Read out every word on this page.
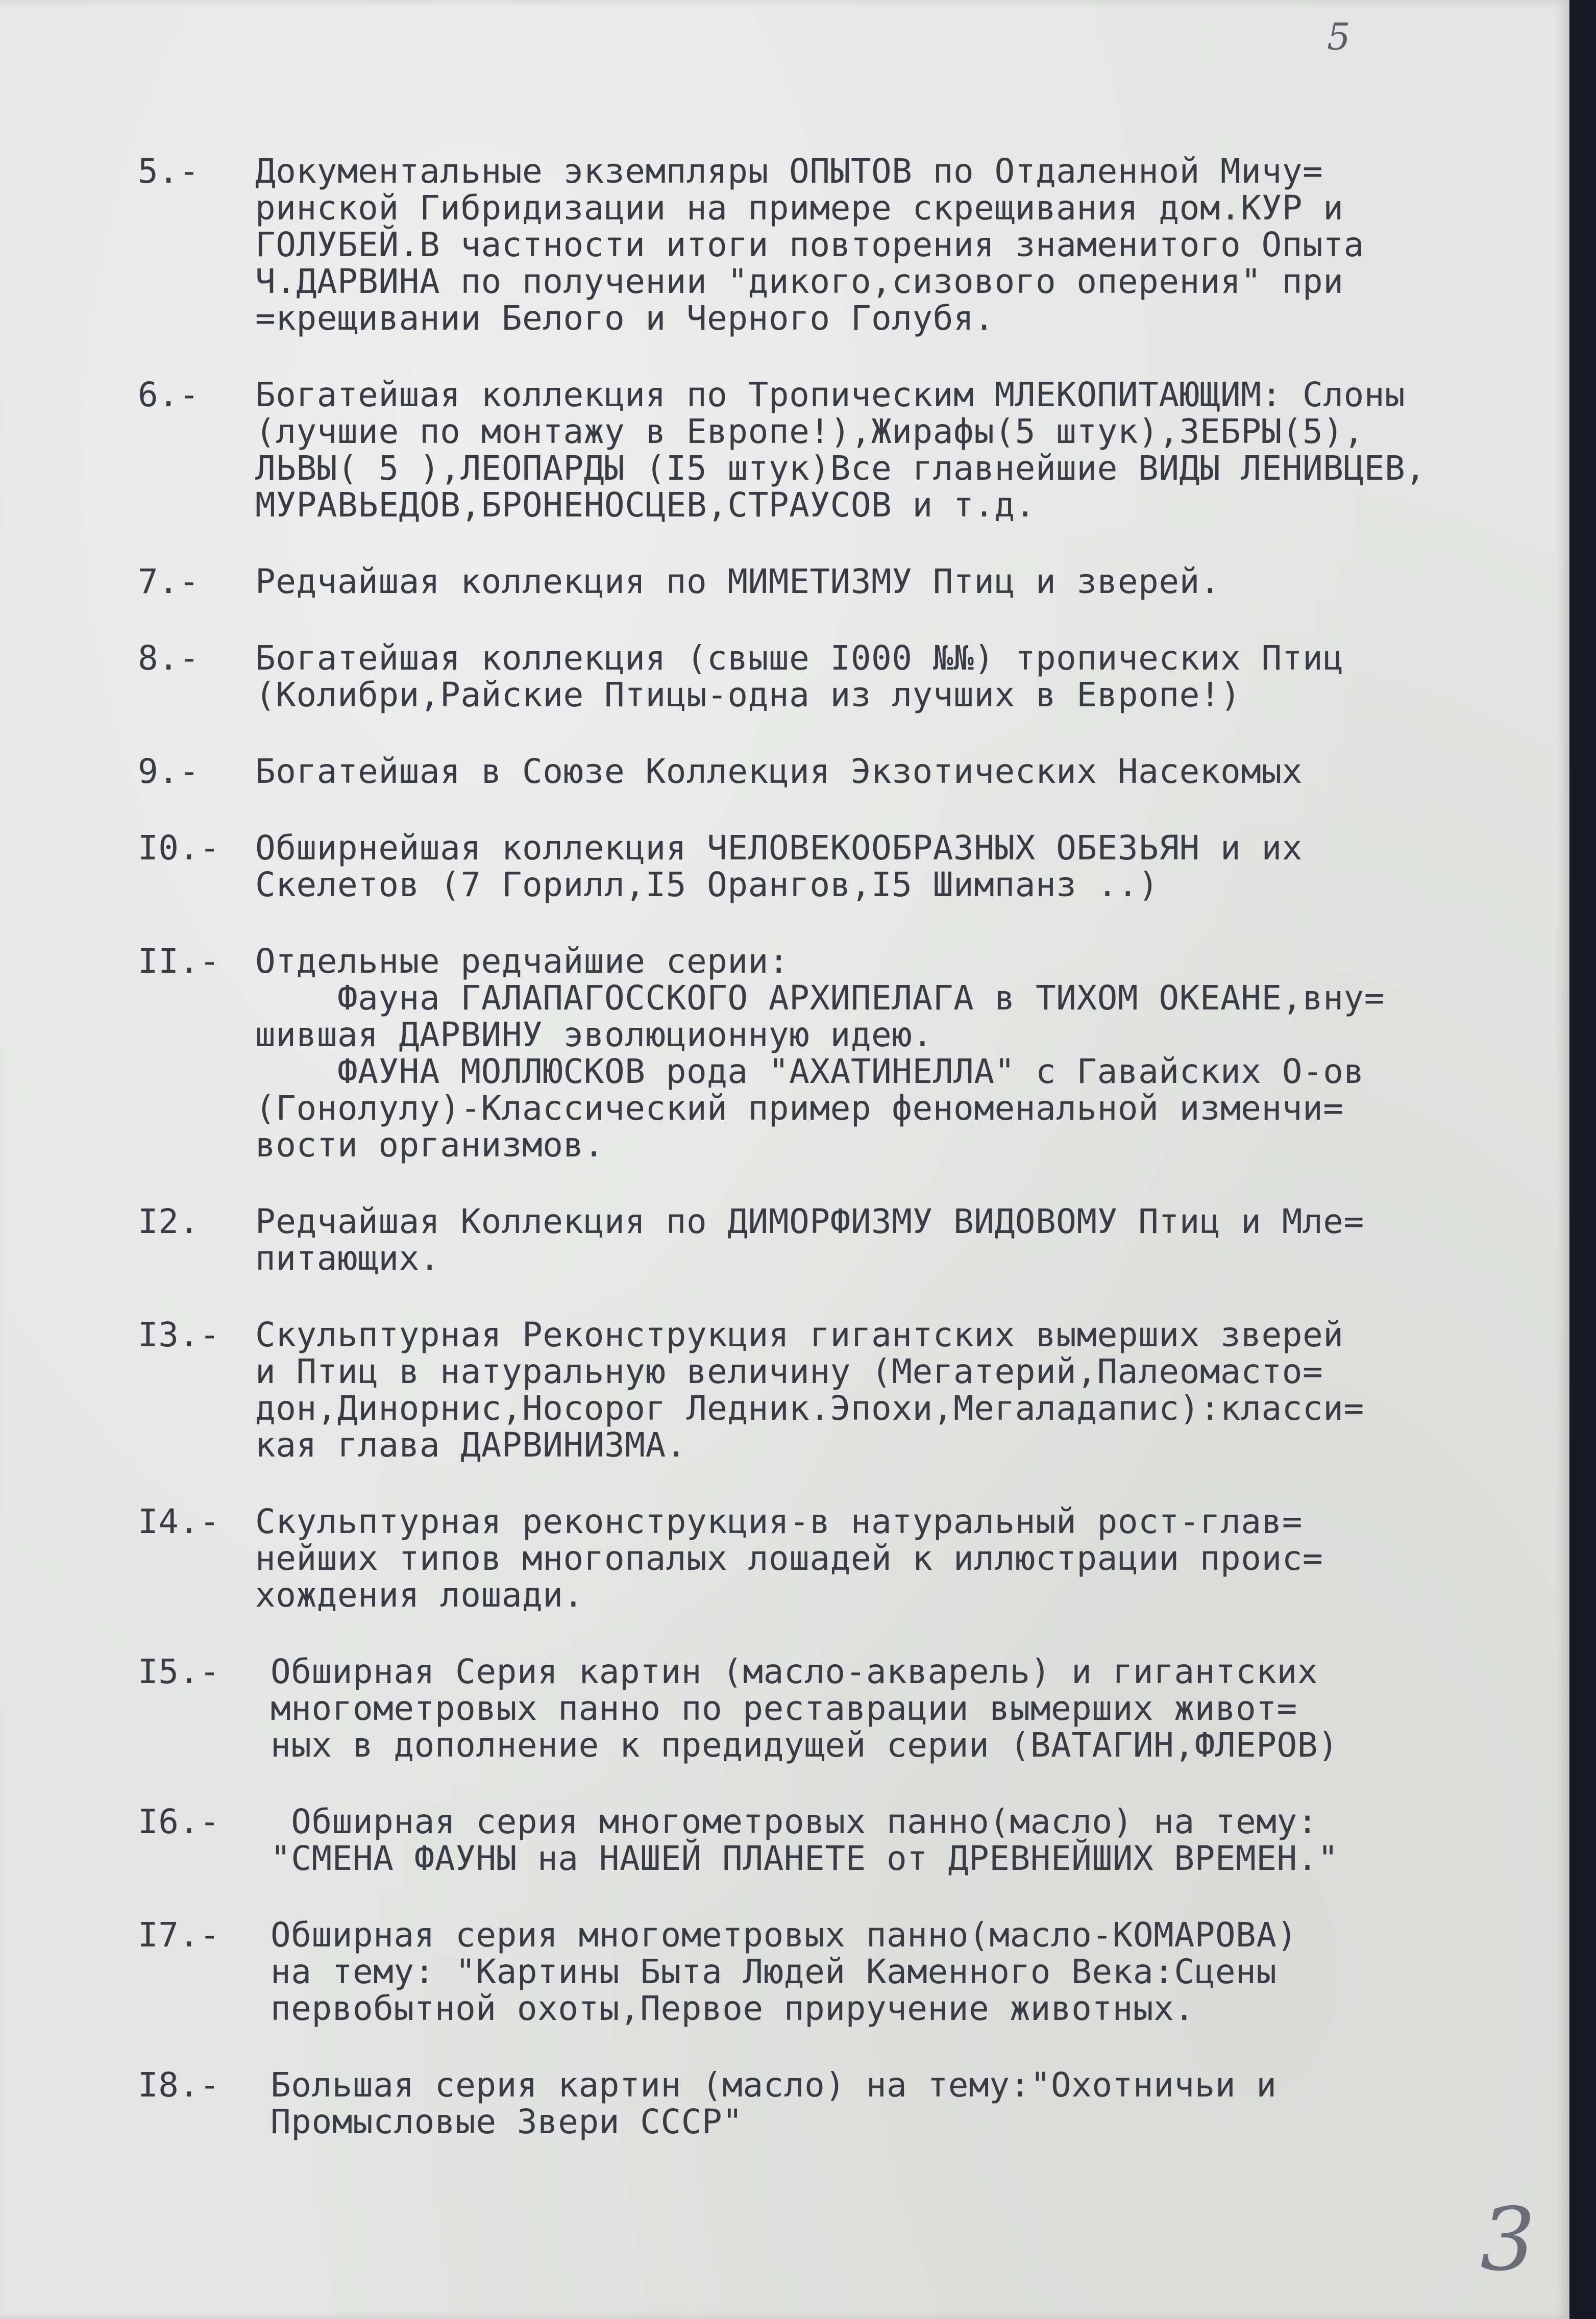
5
5.-	Документальные экземпляры ОПЫТОВ по Отдаленной Мичу=
ринской Гибридизации на примере скрещивания дом.КУР и
ГОЛУБЕЙ.В частности итоги повторения знаменитого Опыта
Ч.ДАРВИНА по получении "дикого,сизового оперения" при
=крещивании Белого и Черного Голубя.
6.-	Богатейшая коллекция по Тропическим МЛЕКОПИТАЮЩИМ: Слоны
(лучшие по монтажу в Европе!),Жирафы(5 штук),ЗЕБРЫ(5),
ЛЬВЫ( 5 ),ЛЕОПАРДЫ (I5 штук)Все главнейшие ВИДЫ ЛЕНИВЦЕВ,
МУРАВЬЕДОВ,БРОНЕНОСЦЕВ,СТРАУСОВ и т.д.
7.-	Редчайшая коллекция по МИМЕТИЗМУ Птиц и зверей.
8.-	Богатейшая коллекция (свыше I000 №№) тропических Птиц
(Колибри,Райские Птицы-одна из лучших в Европе!)
9.-	Богатейшая в Союзе Коллекция Экзотических Насекомых
I0.-	Обширнейшая коллекция ЧЕЛОВЕКООБРАЗНЫХ ОБЕЗЬЯН и их
Скелетов (7 Горилл,I5 Орангов,I5 Шимпанз ..)
II.-	Отдельные редчайшие серии:
Фауна ГАЛАПАГОССКОГО АРХИПЕЛАГА в ТИХОМ ОКЕАНЕ,вну=
шившая ДАРВИНУ эволюционную идею.
ФАУНА МОЛЛЮСКОВ рода "АХАТИНЕЛЛА" с Гавайских О-ов
(Гонолулу)-Классический пример феноменальной изменчи=
вости организмов.
I2.	Редчайшая Коллекция по ДИМОРФИЗМУ ВИДОВОМУ Птиц и Мле=
питающих.
I3.-	Скульптурная Реконструкция гигантских вымерших зверей
и Птиц в натуральную величину (Мегатерий,Палеомасто=
дон,Динорнис,Носорог Ледник.Эпохи,Мегаладапис):класси=
кая глава ДАРВИНИЗМА.
I4.-	Скульптурная реконструкция-в натуральный рост-глав=
нейших типов многопалых лошадей к иллюстрации проис=
хождения лошади.
I5.-	Обширная Серия картин (масло-акварель) и гигантских
многометровых панно по реставрации вымерших живот=
ных в дополнение к предидущей серии (ВАТАГИН,ФЛЕРОВ)
I6.-	Обширная серия многометровых панно(масло) на тему:
"СМЕНА ФАУНЫ на НАШЕЙ ПЛАНЕТЕ от ДРЕВНЕЙШИХ ВРЕМЕН."
I7.-	Обширная серия многометровых панно(масло-КОМАРОВА)
на тему: "Картины Быта Людей Каменного Века:Сцены
первобытной охоты,Первое приручение животных.
I8.-	Большая серия картин (масло) на тему:"Охотничьи и
Промысловые Звери СССР"
3
